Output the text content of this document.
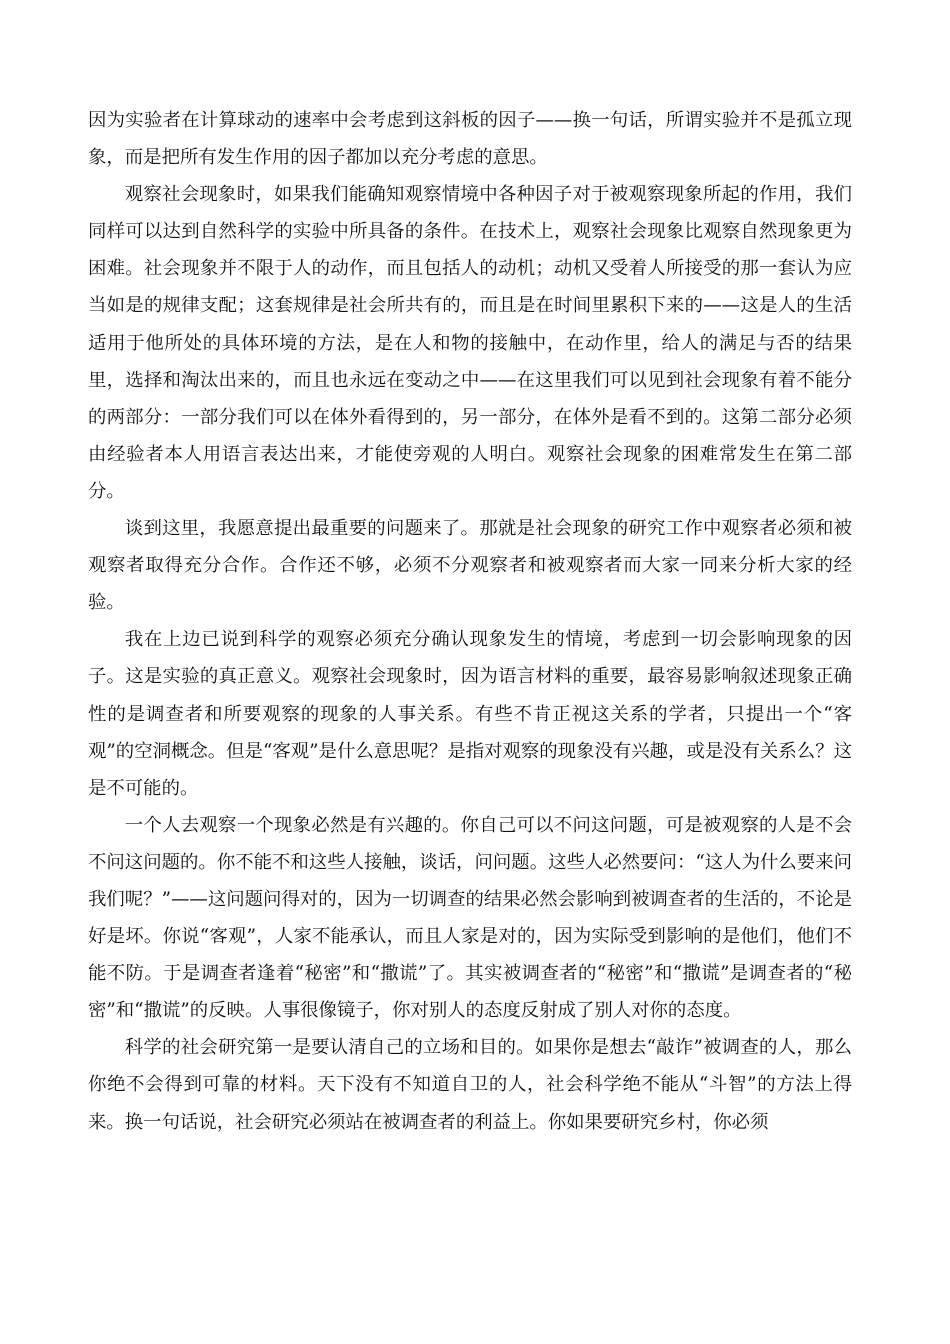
因为实验者在计算球动的速率中会考虑到这斜板的因子——换一句话，所谓实验并不是孤立现象，而是把所有发生作用的因子都加以充分考虑的意思。

观察社会现象时，如果我们能确知观察情境中各种因子对于被观察现象所起的作用，我们同样可以达到自然科学的实验中所具备的条件。在技术上，观察社会现象比观察自然现象更为困难。社会现象并不限于人的动作，而且包括人的动机；动机又受着人所接受的那一套认为应当如是的规律支配；这套规律是社会所共有的，而且是在时间里累积下来的——这是人的生活适用于他所处的具体环境的方法，是在人和物的接触中，在动作里，给人的满足与否的结果里，选择和淘汰出来的，而且也永远在变动之中——在这里我们可以见到社会现象有着不能分的两部分：一部分我们可以在体外看得到的，另一部分，在体外是看不到的。这第二部分必须由经验者本人用语言表达出来，才能使旁观的人明白。观察社会现象的困难常发生在第二部分。

谈到这里，我愿意提出最重要的问题来了。那就是社会现象的研究工作中观察者必须和被观察者取得充分合作。合作还不够，必须不分观察者和被观察者而大家一同来分析大家的经验。

我在上边已说到科学的观察必须充分确认现象发生的情境，考虑到一切会影响现象的因子。这是实验的真正意义。观察社会现象时，因为语言材料的重要，最容易影响叙述现象正确性的是调查者和所要观察的现象的人事关系。有些不肯正视这关系的学者，只提出一个“客观”的空洞概念。但是“客观”是什么意思呢？是指对观察的现象没有兴趣，或是没有关系么？这是不可能的。

一个人去观察一个现象必然是有兴趣的。你自己可以不问这问题，可是被观察的人是不会不问这问题的。你不能不和这些人接触，谈话，问问题。这些人必然要问：“这人为什么要来问我们呢？”——这问题问得对的，因为一切调查的结果必然会影响到被调查者的生活的，不论是好是坏。你说“客观”，人家不能承认，而且人家是对的，因为实际受到影响的是他们，他们不能不防。于是调查者逢着“秘密”和“撒谎”了。其实被调查者的“秘密”和“撒谎”是调查者的“秘密”和“撒谎”的反映。人事很像镜子，你对别人的态度反射成了别人对你的态度。

科学的社会研究第一是要认清自己的立场和目的。如果你是想去“敲诈”被调查的人，那么你绝不会得到可靠的材料。天下没有不知道自卫的人，社会科学绝不能从“斗智”的方法上得来。换一句话说，社会研究必须站在被调查者的利益上。你如果要研究乡村，你必须
